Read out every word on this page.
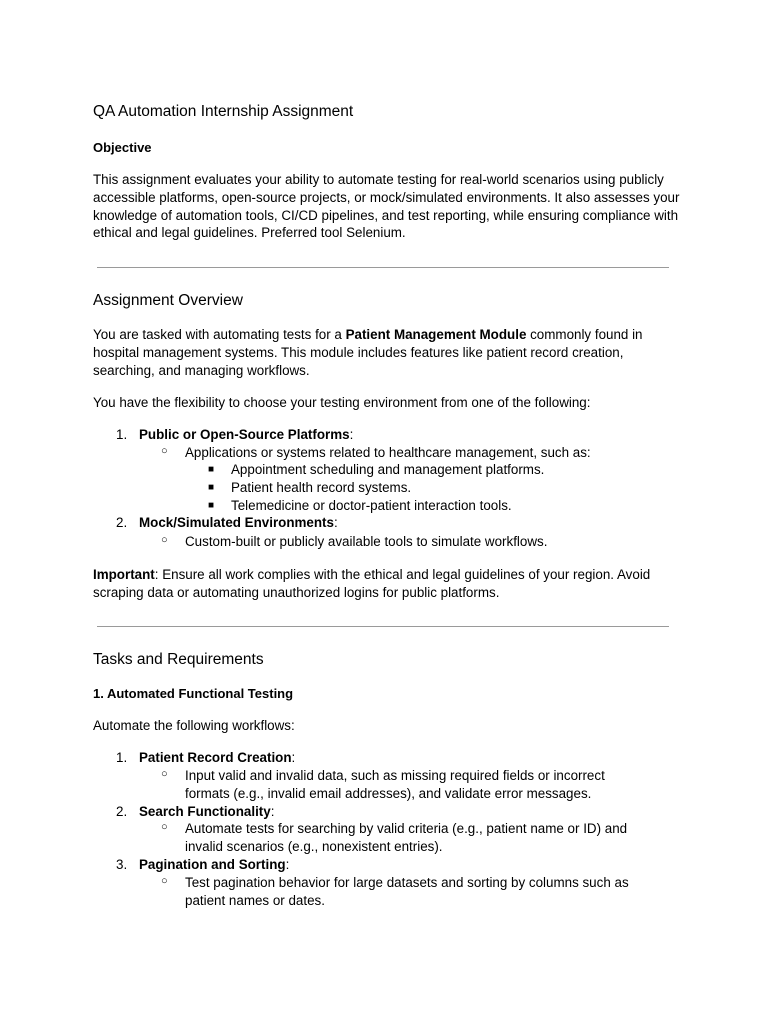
QA Automation Internship Assignment
Objective
This assignment evaluates your ability to automate testing for real-world scenarios using publicly accessible platforms, open-source projects, or mock/simulated environments. It also assesses your knowledge of automation tools, CI/CD pipelines, and test reporting, while ensuring compliance with ethical and legal guidelines. Preferred tool Selenium.
Assignment Overview
You are tasked with automating tests for a Patient Management Module commonly found in hospital management systems. This module includes features like patient record creation, searching, and managing workflows.
You have the flexibility to choose your testing environment from one of the following:
1. Public or Open-Source Platforms:
○ Applications or systems related to healthcare management, such as:
■ Appointment scheduling and management platforms.
■ Patient health record systems.
■ Telemedicine or doctor-patient interaction tools.
2. Mock/Simulated Environments:
○ Custom-built or publicly available tools to simulate workflows.
Important: Ensure all work complies with the ethical and legal guidelines of your region. Avoid scraping data or automating unauthorized logins for public platforms.
Tasks and Requirements
1. Automated Functional Testing
Automate the following workflows:
1. Patient Record Creation:
○ Input valid and invalid data, such as missing required fields or incorrect
formats (e.g., invalid email addresses), and validate error messages.
2. Search Functionality:
○ Automate tests for searching by valid criteria (e.g., patient name or ID) and
invalid scenarios (e.g., nonexistent entries).
3. Pagination and Sorting:
○ Test pagination behavior for large datasets and sorting by columns such as
patient names or dates.
